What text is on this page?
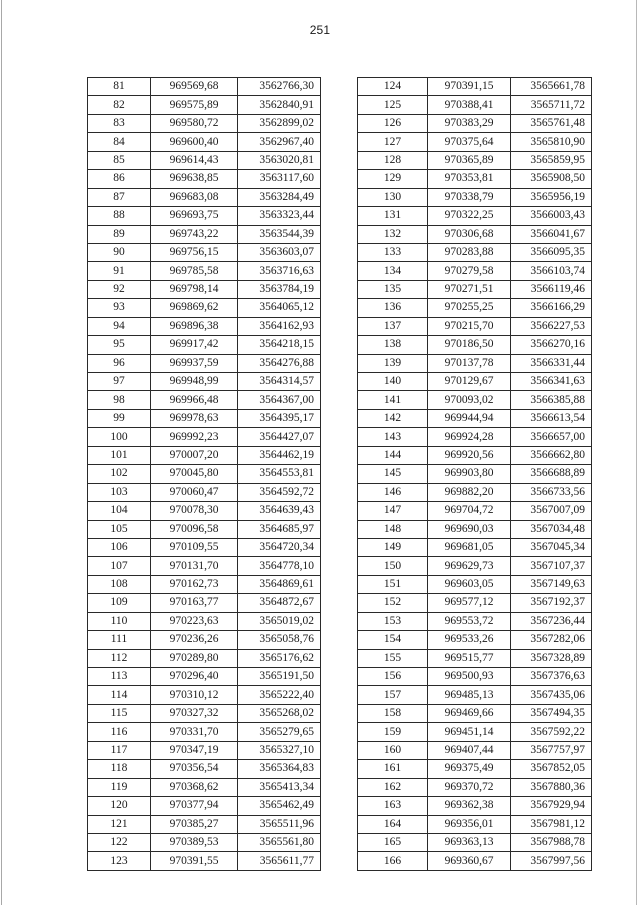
251
81	969569,68	3562766,30
82	969575,89	3562840,91
83	969580,72	3562899,02
84	969600,40	3562967,40
85	969614,43	3563020,81
86	969638,85	3563117,60
87	969683,08	3563284,49
88	969693,75	3563323,44
89	969743,22	3563544,39
90	969756,15	3563603,07
91	969785,58	3563716,63
92	969798,14	3563784,19
93	969869,62	3564065,12
94	969896,38	3564162,93
95	969917,42	3564218,15
96	969937,59	3564276,88
97	969948,99	3564314,57
98	969966,48	3564367,00
99	969978,63	3564395,17
100	969992,23	3564427,07
101	970007,20	3564462,19
102	970045,80	3564553,81
103	970060,47	3564592,72
104	970078,30	3564639,43
105	970096,58	3564685,97
106	970109,55	3564720,34
107	970131,70	3564778,10
108	970162,73	3564869,61
109	970163,77	3564872,67
110	970223,63	3565019,02
111	970236,26	3565058,76
112	970289,80	3565176,62
113	970296,40	3565191,50
114	970310,12	3565222,40
115	970327,32	3565268,02
116	970331,70	3565279,65
117	970347,19	3565327,10
118	970356,54	3565364,83
119	970368,62	3565413,34
120	970377,94	3565462,49
121	970385,27	3565511,96
122	970389,53	3565561,80
123	970391,55	3565611,77
124	970391,15	3565661,78
125	970388,41	3565711,72
126	970383,29	3565761,48
127	970375,64	3565810,90
128	970365,89	3565859,95
129	970353,81	3565908,50
130	970338,79	3565956,19
131	970322,25	3566003,43
132	970306,68	3566041,67
133	970283,88	3566095,35
134	970279,58	3566103,74
135	970271,51	3566119,46
136	970255,25	3566166,29
137	970215,70	3566227,53
138	970186,50	3566270,16
139	970137,78	3566331,44
140	970129,67	3566341,63
141	970093,02	3566385,88
142	969944,94	3566613,54
143	969924,28	3566657,00
144	969920,56	3566662,80
145	969903,80	3566688,89
146	969882,20	3566733,56
147	969704,72	3567007,09
148	969690,03	3567034,48
149	969681,05	3567045,34
150	969629,73	3567107,37
151	969603,05	3567149,63
152	969577,12	3567192,37
153	969553,72	3567236,44
154	969533,26	3567282,06
155	969515,77	3567328,89
156	969500,93	3567376,63
157	969485,13	3567435,06
158	969469,66	3567494,35
159	969451,14	3567592,22
160	969407,44	3567757,97
161	969375,49	3567852,05
162	969370,72	3567880,36
163	969362,38	3567929,94
164	969356,01	3567981,12
165	969363,13	3567988,78
166	969360,67	3567997,56
